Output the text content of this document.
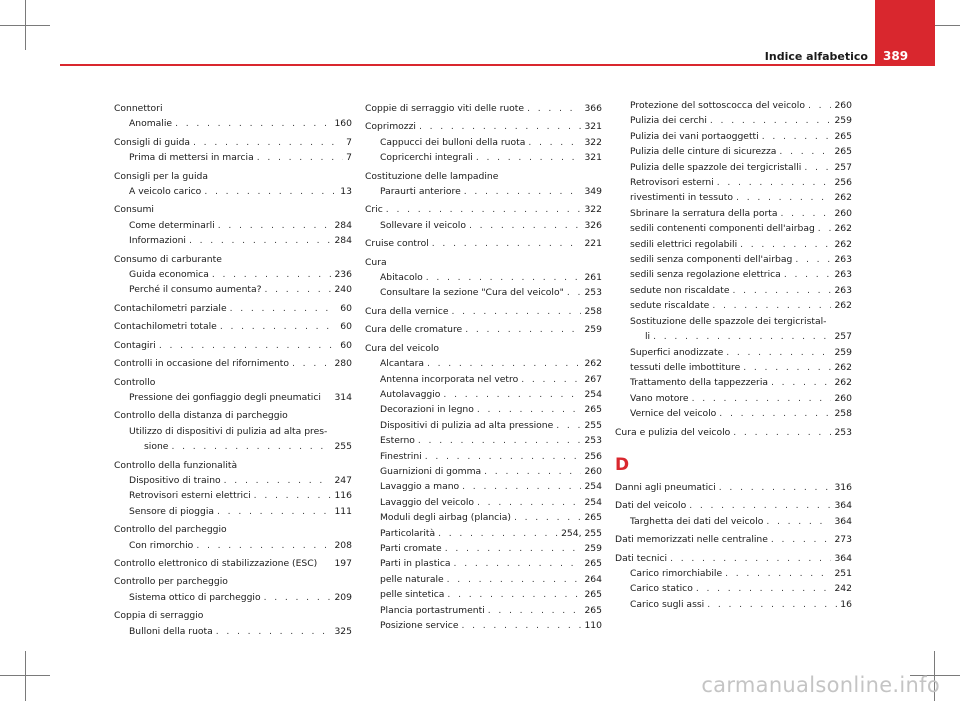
Indice alfabetico	389
Connettori
Anomalie . . .	160
Consigli di guida . . .	7
Prima di mettersi in marcia . . .	7
Consigli per la guida
A veicolo carico . . .	13
Consumi
Come determinarli . . .	284
Informazioni . . .	284
Consumo di carburante
Guida economica . . .	236
Perché il consumo aumenta? . . .	240
Contachilometri parziale . . .	60
Contachilometri totale . . .	60
Contagiri . . .	60
Controlli in occasione del rifornimento . . .	280
Controllo
Pressione dei gonfiaggio degli pneumatici 314
Controllo della distanza di parcheggio
Utilizzo di dispositivi di pulizia ad alta pres-
sione . . .	255
Controllo della funzionalità
Dispositivo di traino . . .	247
Retrovisori esterni elettrici . . .	116
Sensore di pioggia . . .	111
Controllo del parcheggio
Con rimorchio . . .	208
Controllo elettronico di stabilizzazione (ESC) 197
Controllo per parcheggio
Sistema ottico di parcheggio . . .	209
Coppia di serraggio
Bulloni della ruota . . .	325
Coppie di serraggio viti delle ruote . . .	366
Coprimozzi . . .	321
Cappucci dei bulloni della ruota . . .	322
Copricerchi integrali . . .	321
Costituzione delle lampadine
Paraurti anteriore . . .	349
Cric . . .	322
Sollevare il veicolo . . .	326
Cruise control . . .	221
Cura
Abitacolo . . .	261
Consultare la sezione "Cura del veicolo" . . . 253
Cura della vernice . . .	258
Cura delle cromature . . .	259
Cura del veicolo
Alcantara . . .	262
Antenna incorporata nel vetro . . .	267
Autolavaggio . . .	254
Decorazioni in legno . . .	265
Dispositivi di pulizia ad alta pressione . . .	255
Esterno . . .	253
Finestrini . . .	256
Guarnizioni di gomma . . .	260
Lavaggio a mano . . .	254
Lavaggio del veicolo . . .	254
Moduli degli airbag (plancia) . . .	265
Particolarità . . .	254, 255
Parti cromate . . .	259
Parti in plastica . . .	265
pelle naturale . . .	264
pelle sintetica . . .	265
Plancia portastrumenti . . .	265
Posizione service . . .	110
Protezione del sottoscocca del veicolo . . .	260
Pulizia dei cerchi . . .	259
Pulizia dei vani portaoggetti . . .	265
Pulizia delle cinture di sicurezza . . .	265
Pulizia delle spazzole dei tergicristalli . . .	257
Retrovisori esterni . . .	256
rivestimenti in tessuto . . .	262
Sbrinare la serratura della porta . . .	260
sedili contenenti componenti dell'airbag . . . 262
sedili elettrici regolabili . . .	262
sedili senza componenti dell'airbag . . .	263
sedili senza regolazione elettrica . . .	263
sedute non riscaldate . . .	263
sedute riscaldate . . .	262
Sostituzione delle spazzole dei tergicristal-
li . . .	257
Superfici anodizzate . . .	259
tessuti delle imbottiture . . .	262
Trattamento della tappezzeria . . .	262
Vano motore . . .	260
Vernice del veicolo . . .	258
Cura e pulizia del veicolo . . .	253
D
Danni agli pneumatici . . .	316
Dati del veicolo . . .	364
Targhetta dei dati del veicolo . . .	364
Dati memorizzati nelle centraline . . .	273
Dati tecnici . . .	364
Carico rimorchiabile . . .	251
Carico statico . . .	242
Carico sugli assi . . .	16
carmanualsonline.info
